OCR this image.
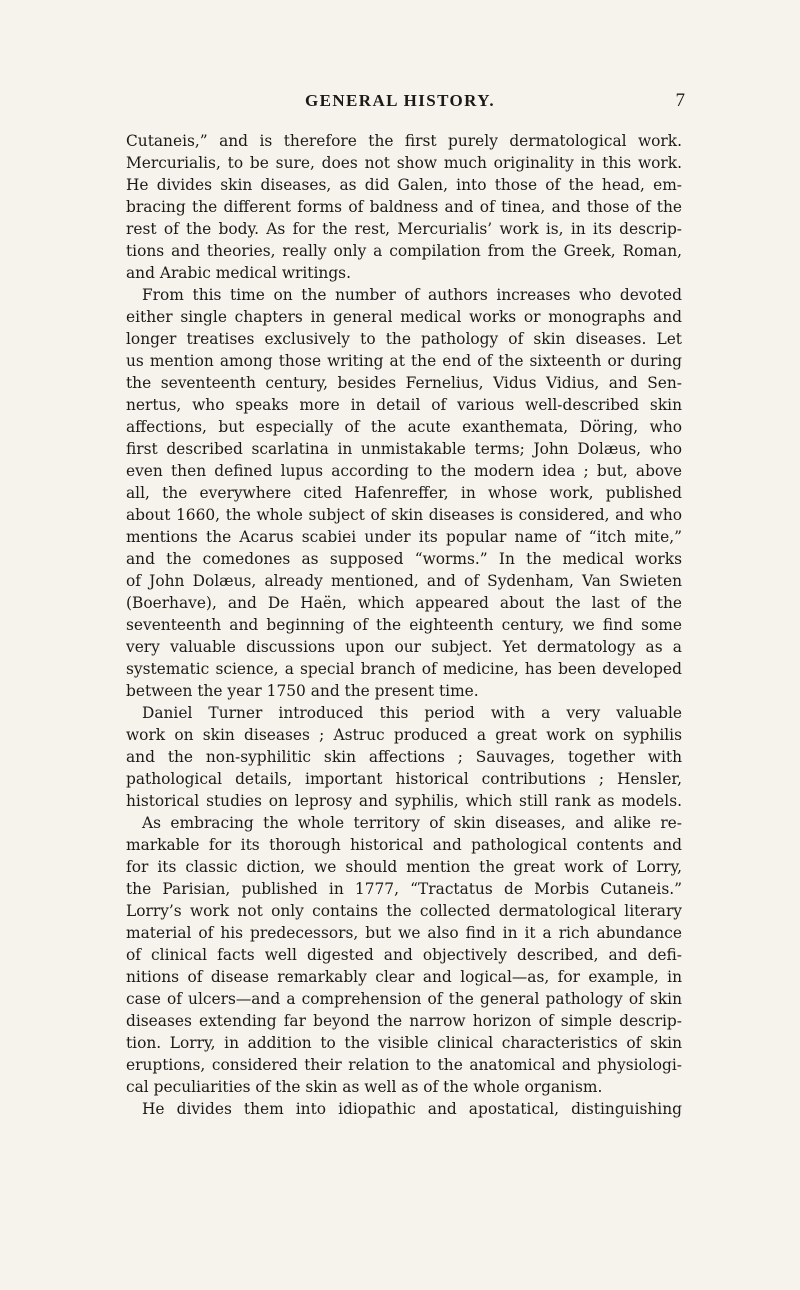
GENERAL HISTORY.	7
Cutaneis,” and is therefore the first purely dermatological work.
Mercurialis, to be sure, does not show much originality in this work.
He divides skin diseases, as did Galen, into those of the head, em-
bracing the different forms of baldness and of tinea, and those of the
rest of the body. As for the rest, Mercurialis’ work is, in its descrip-
tions and theories, really only a compilation from the Greek, Roman,
and Arabic medical writings.
From this time on the number of authors increases who devoted
either single chapters in general medical works or monographs and
longer treatises exclusively to the pathology of skin diseases. Let
us mention among those writing at the end of the sixteenth or during
the seventeenth century, besides Fernelius, Vidus Vidius, and Sen-
nertus, who speaks more in detail of various well-described skin
affections, but especially of the acute exanthemata, Döring, who
first described scarlatina in unmistakable terms; John Dolæus, who
even then defined lupus according to the modern idea ; but, above
all, the everywhere cited Hafenreffer, in whose work, published
about 1660, the whole subject of skin diseases is considered, and who
mentions the Acarus scabiei under its popular name of “itch mite,”
and the comedones as supposed “worms.” In the medical works
of John Dolæus, already mentioned, and of Sydenham, Van Swieten
(Boerhave), and De Haën, which appeared about the last of the
seventeenth and beginning of the eighteenth century, we find some
very valuable discussions upon our subject. Yet dermatology as a
systematic science, a special branch of medicine, has been developed
between the year 1750 and the present time.
Daniel Turner introduced this period with a very valuable
work on skin diseases ; Astruc produced a great work on syphilis
and the non-syphilitic skin affections ; Sauvages, together with
pathological details, important historical contributions ; Hensler,
historical studies on leprosy and syphilis, which still rank as models.
As embracing the whole territory of skin diseases, and alike re-
markable for its thorough historical and pathological contents and
for its classic diction, we should mention the great work of Lorry,
the Parisian, published in 1777, “Tractatus de Morbis Cutaneis.”
Lorry’s work not only contains the collected dermatological literary
material of his predecessors, but we also find in it a rich abundance
of clinical facts well digested and objectively described, and defi-
nitions of disease remarkably clear and logical—as, for example, in
case of ulcers—and a comprehension of the general pathology of skin
diseases extending far beyond the narrow horizon of simple descrip-
tion. Lorry, in addition to the visible clinical characteristics of skin
eruptions, considered their relation to the anatomical and physiologi-
cal peculiarities of the skin as well as of the whole organism.
He divides them into idiopathic and apostatical, distinguishing
